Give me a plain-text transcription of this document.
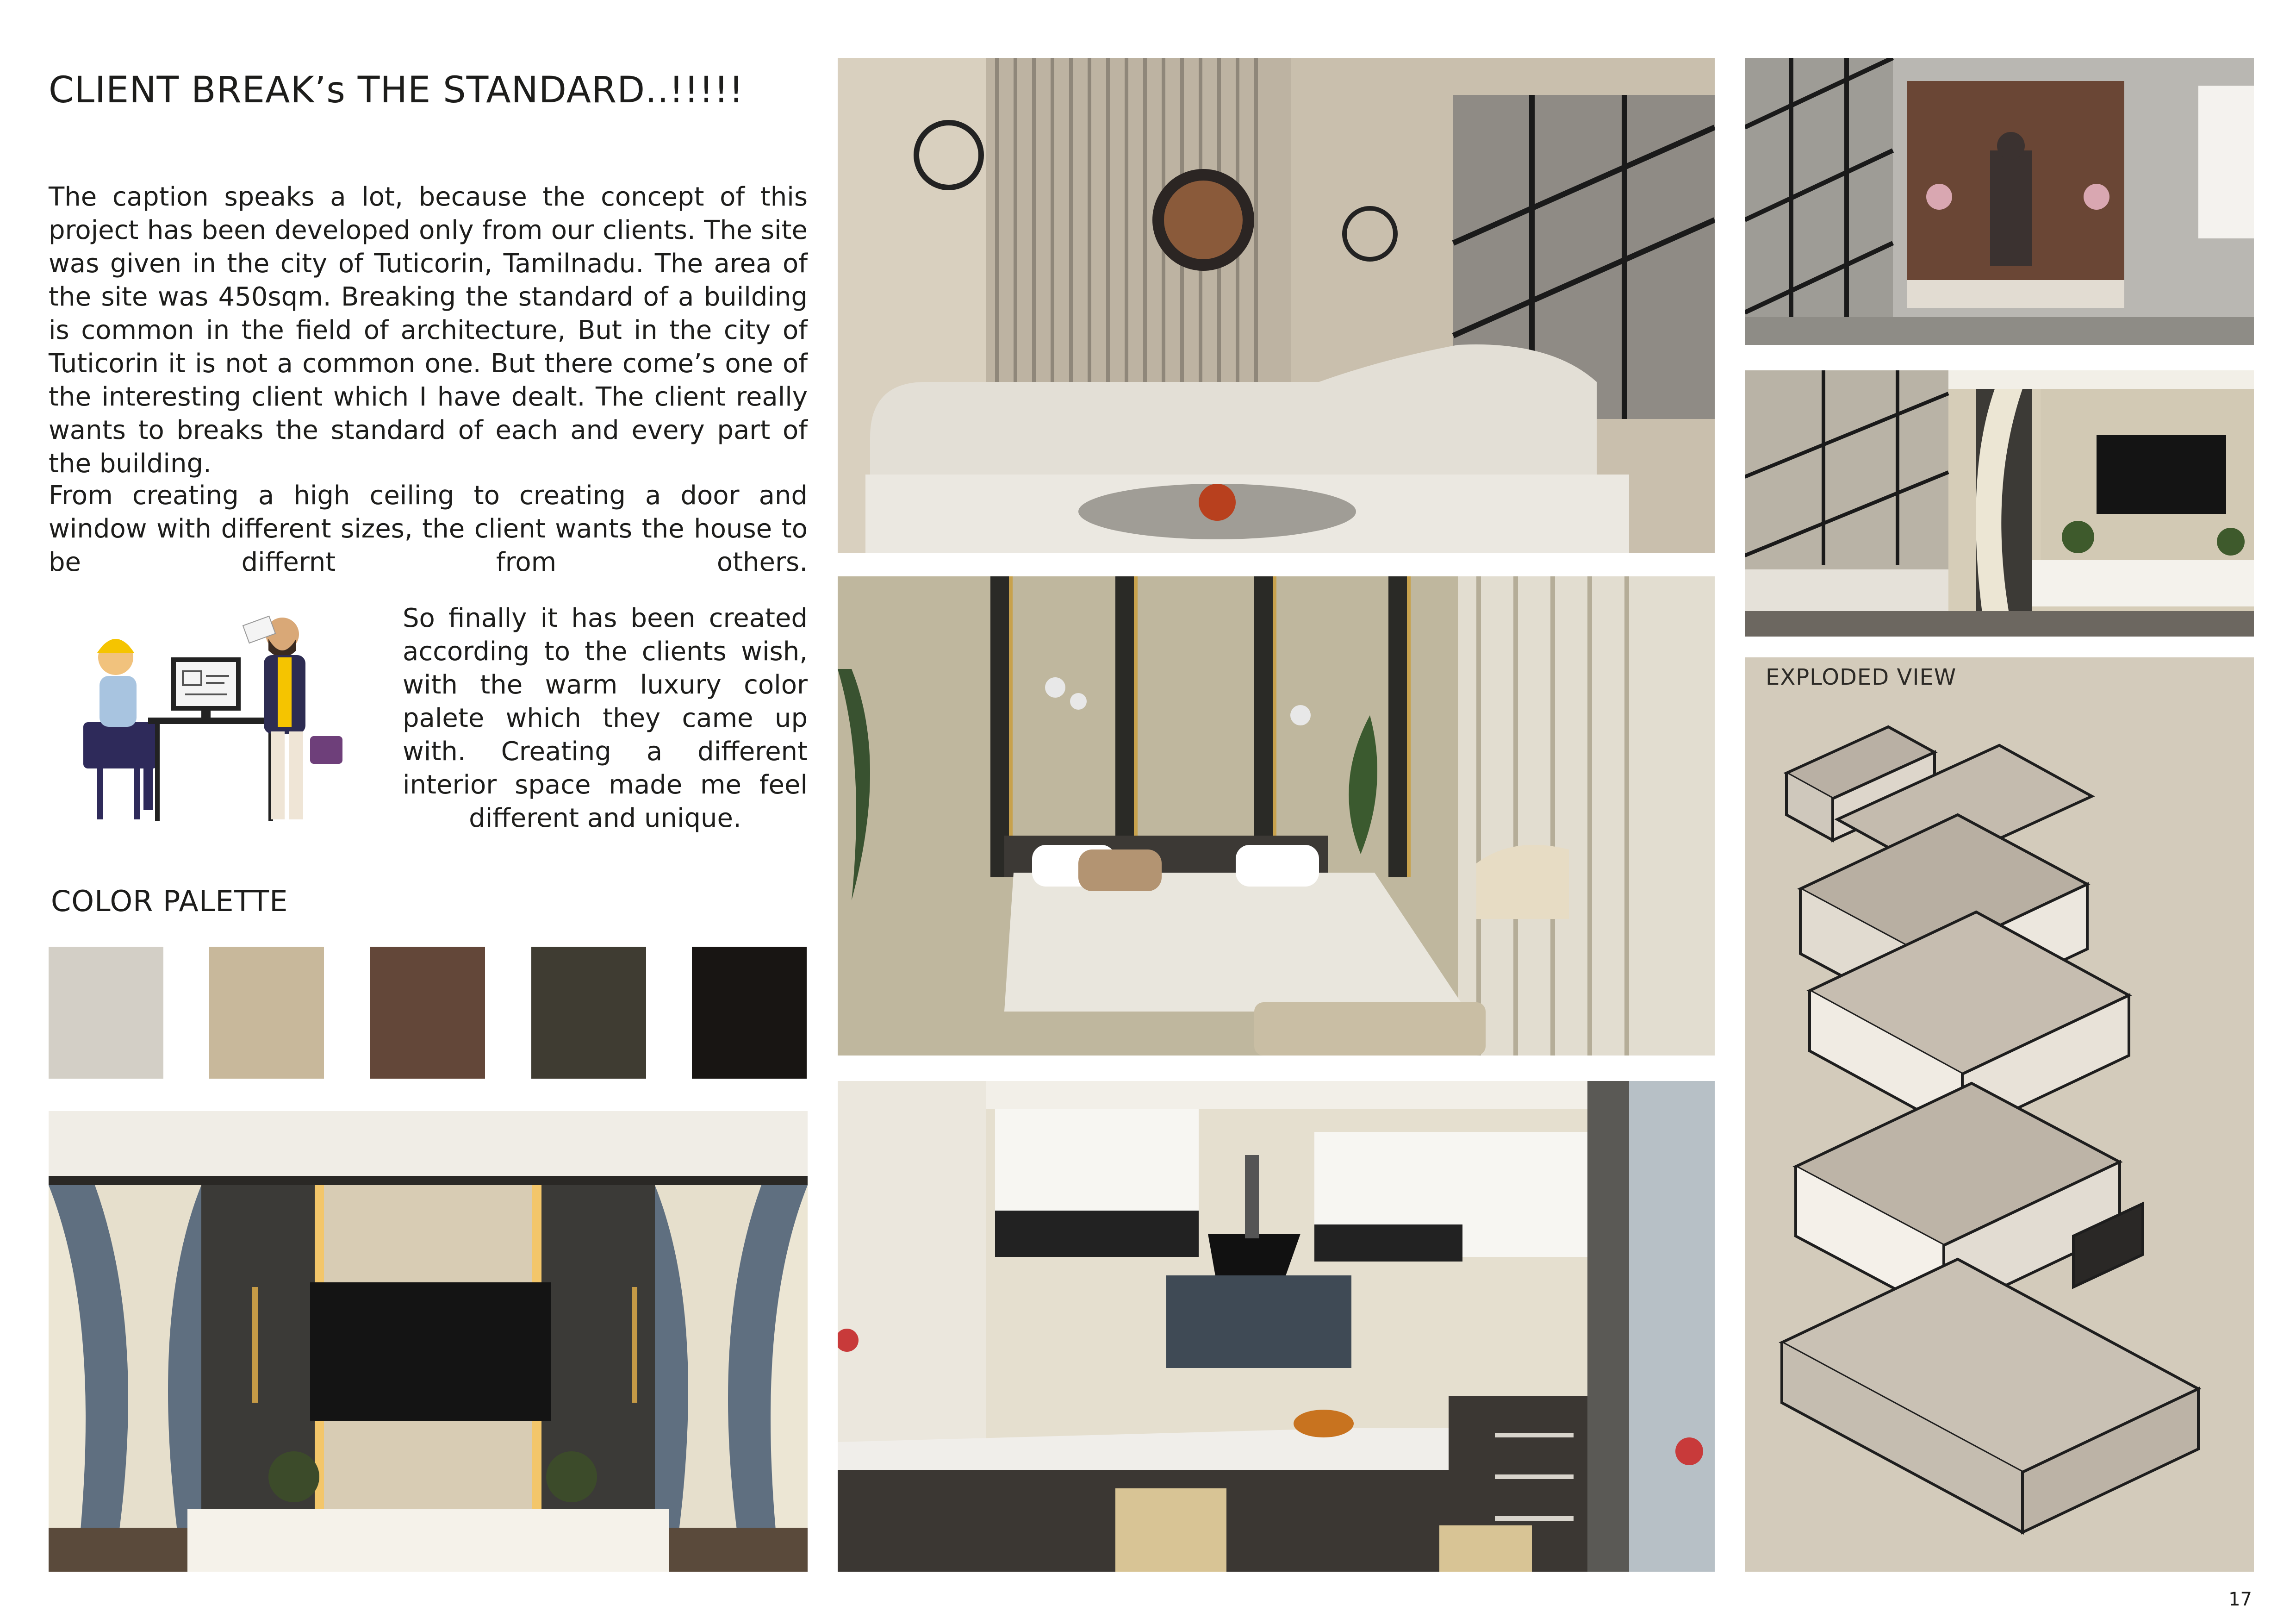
CLIENT BREAK’s THE STANDARD..!!!!!
The caption speaks a lot, because the concept of this project has been developed only from our clients. The site was given in the city of Tuticorin, Tamilnadu. The area of the site was 450sqm. Breaking the standard of a building is common in the field of architecture, But in the city of Tuticorin it is not a common one. But there come’s one of the interesting client which I have dealt. The client really wants to breaks the standard of each and every part of the building.
From creating a high ceiling to creating a door and window with different sizes, the client wants the house to be differnt from others.
So finally it has been created according to the clients wish, with the warm luxury color palete which they came up with. Creating a different interior space made me feel different and unique.
COLOR PALETTE
EXPLODED VIEW
17
